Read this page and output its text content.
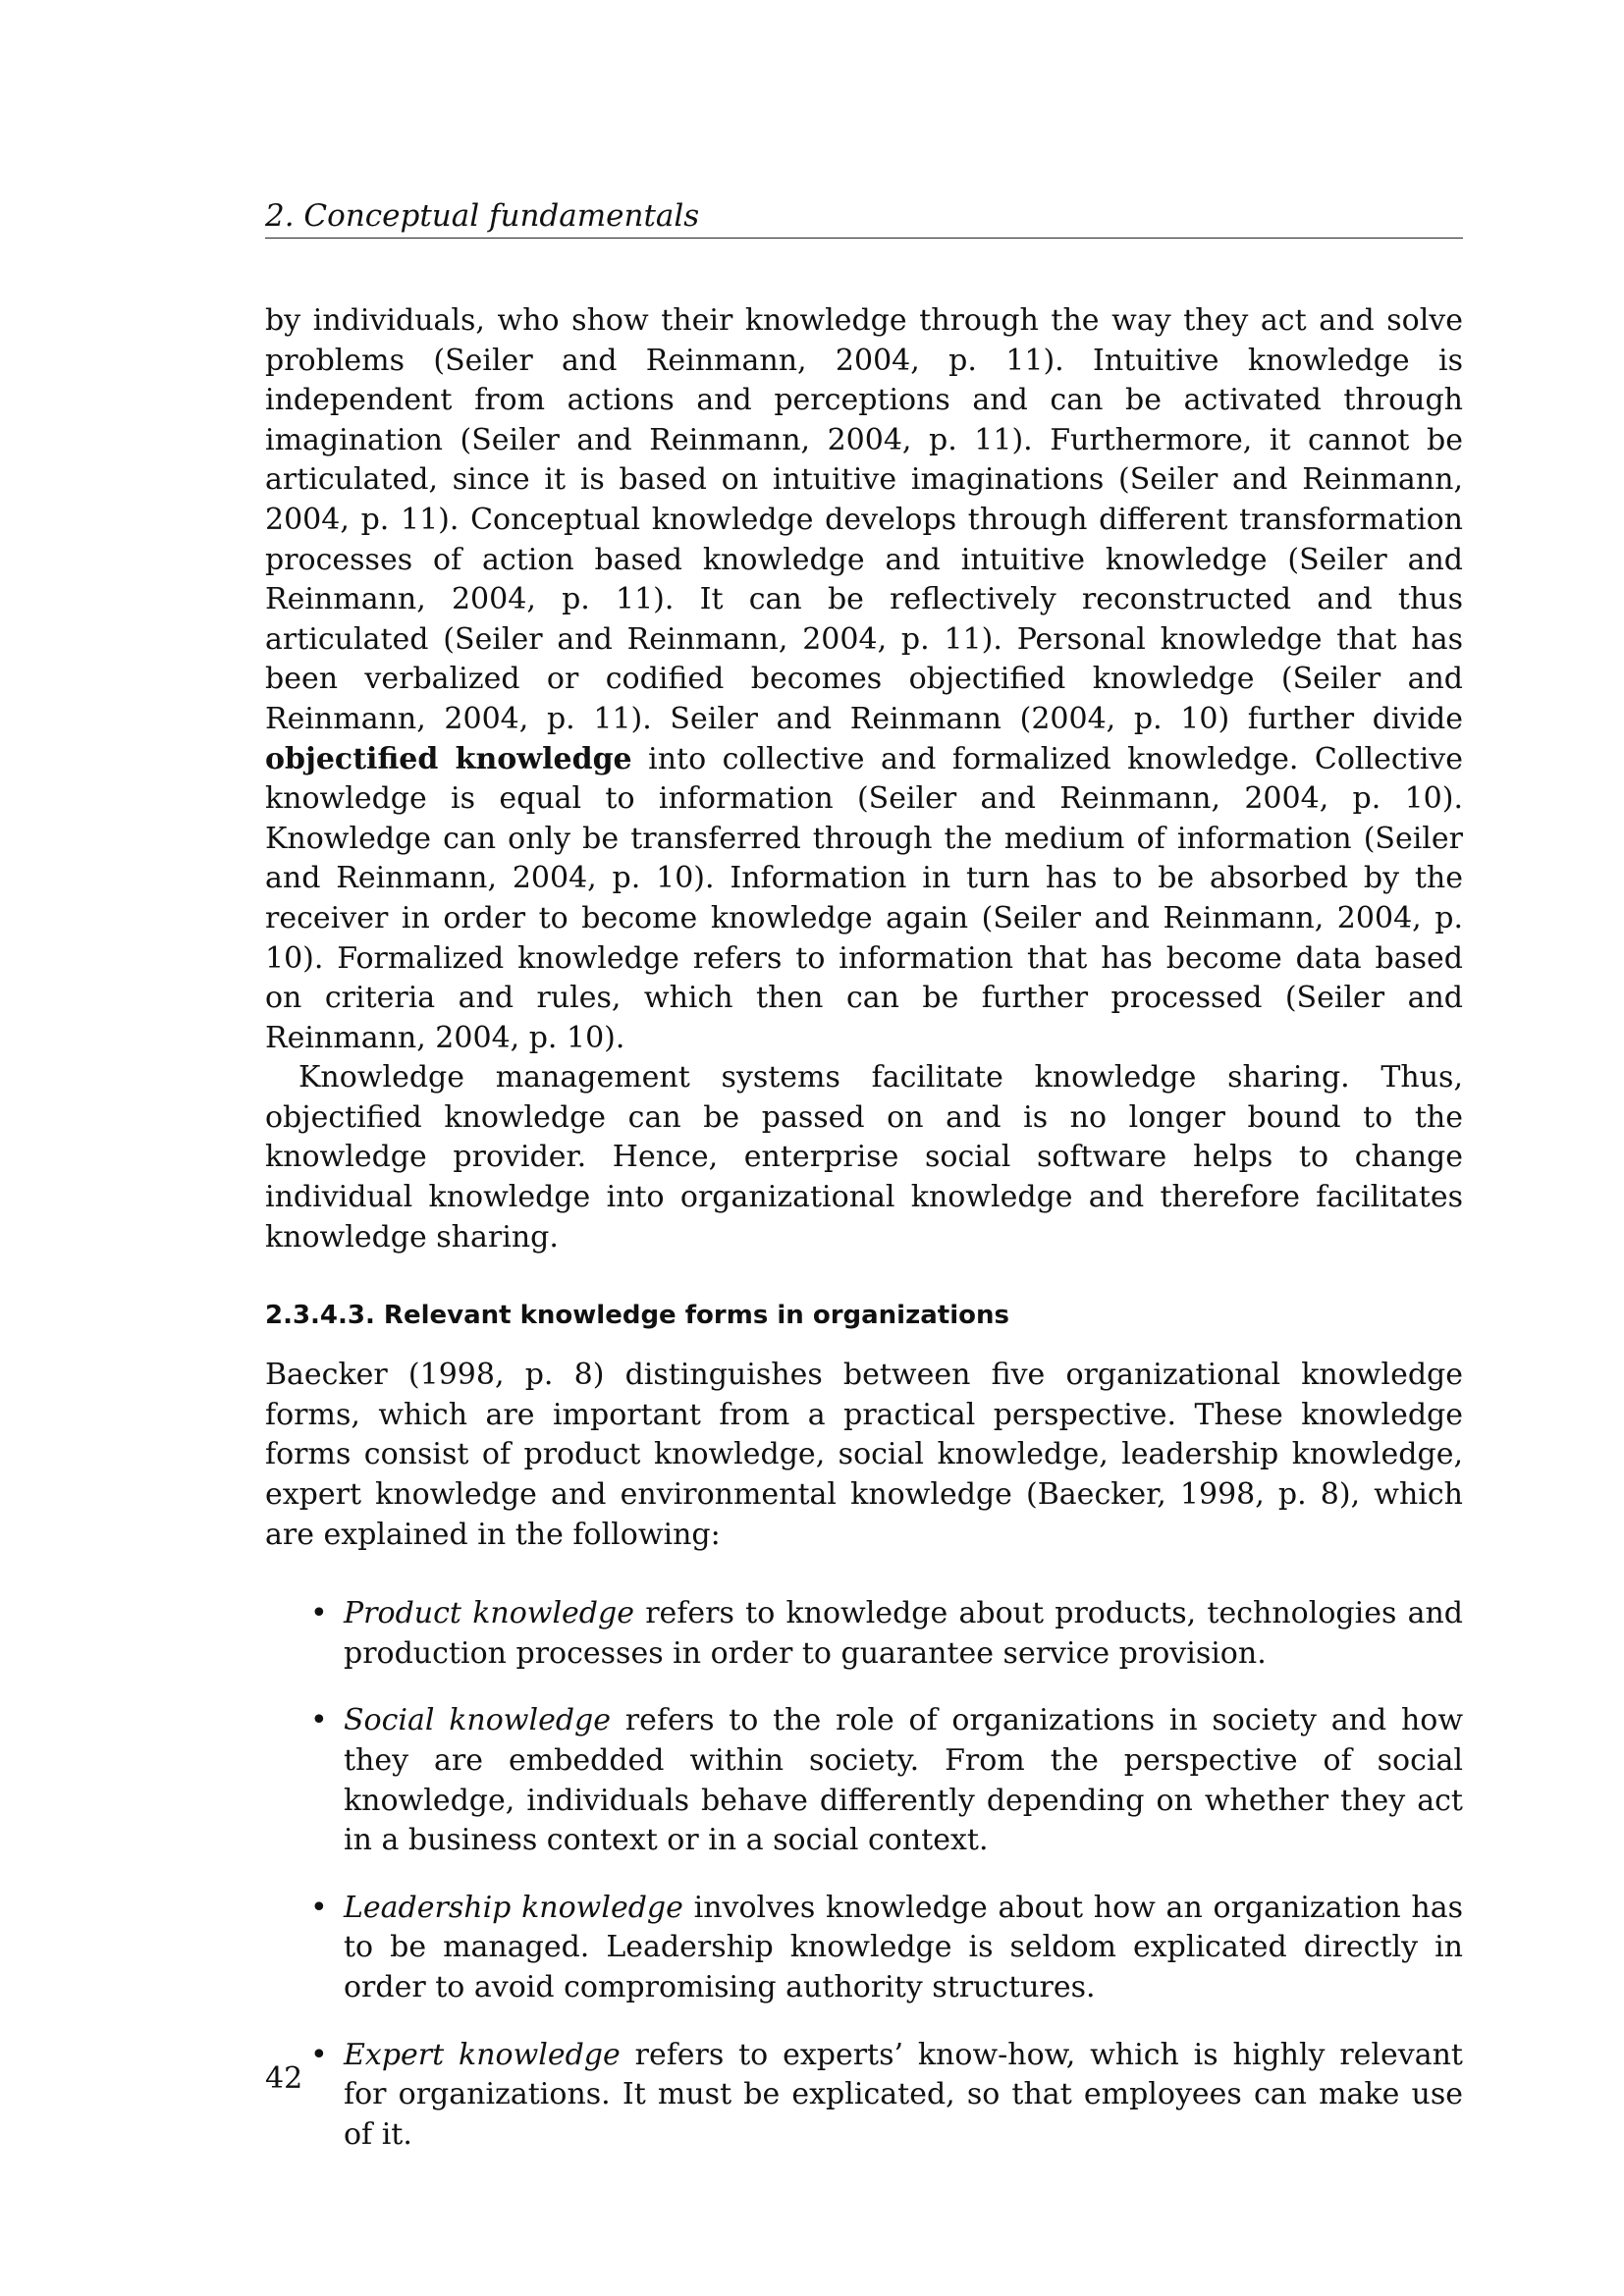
2. Conceptual fundamentals

by individuals, who show their knowledge through the way they act and solve problems (Seiler and Reinmann, 2004, p. 11). Intuitive knowledge is independent from actions and perceptions and can be activated through imagination (Seiler and Reinmann, 2004, p. 11). Furthermore, it cannot be articulated, since it is based on intuitive imaginations (Seiler and Reinmann, 2004, p. 11). Conceptual knowledge develops through different transformation processes of action based knowledge and intuitive knowledge (Seiler and Reinmann, 2004, p. 11). It can be reflectively reconstructed and thus articulated (Seiler and Reinmann, 2004, p. 11). Personal knowledge that has been verbalized or codified becomes objectified knowledge (Seiler and Reinmann, 2004, p. 11). Seiler and Reinmann (2004, p. 10) further divide objectified knowledge into collective and formalized knowledge. Collective knowledge is equal to information (Seiler and Reinmann, 2004, p. 10). Knowledge can only be transferred through the medium of information (Seiler and Reinmann, 2004, p. 10). Information in turn has to be absorbed by the receiver in order to become knowledge again (Seiler and Reinmann, 2004, p. 10). Formalized knowledge refers to information that has become data based on criteria and rules, which then can be further processed (Seiler and Reinmann, 2004, p. 10).

Knowledge management systems facilitate knowledge sharing. Thus, objectified knowledge can be passed on and is no longer bound to the knowledge provider. Hence, enterprise social software helps to change individual knowledge into organizational knowledge and therefore facilitates knowledge sharing.

2.3.4.3. Relevant knowledge forms in organizations

Baecker (1998, p. 8) distinguishes between five organizational knowledge forms, which are important from a practical perspective. These knowledge forms consist of product knowledge, social knowledge, leadership knowledge, expert knowledge and environmental knowledge (Baecker, 1998, p. 8), which are explained in the following:

• Product knowledge refers to knowledge about products, technologies and production processes in order to guarantee service provision.
• Social knowledge refers to the role of organizations in society and how they are embedded within society. From the perspective of social knowledge, individuals behave differently depending on whether they act in a business context or in a social context.
• Leadership knowledge involves knowledge about how an organization has to be managed. Leadership knowledge is seldom explicated directly in order to avoid compromising authority structures.
• Expert knowledge refers to experts’ know-how, which is highly relevant for organizations. It must be explicated, so that employees can make use of it.
42
